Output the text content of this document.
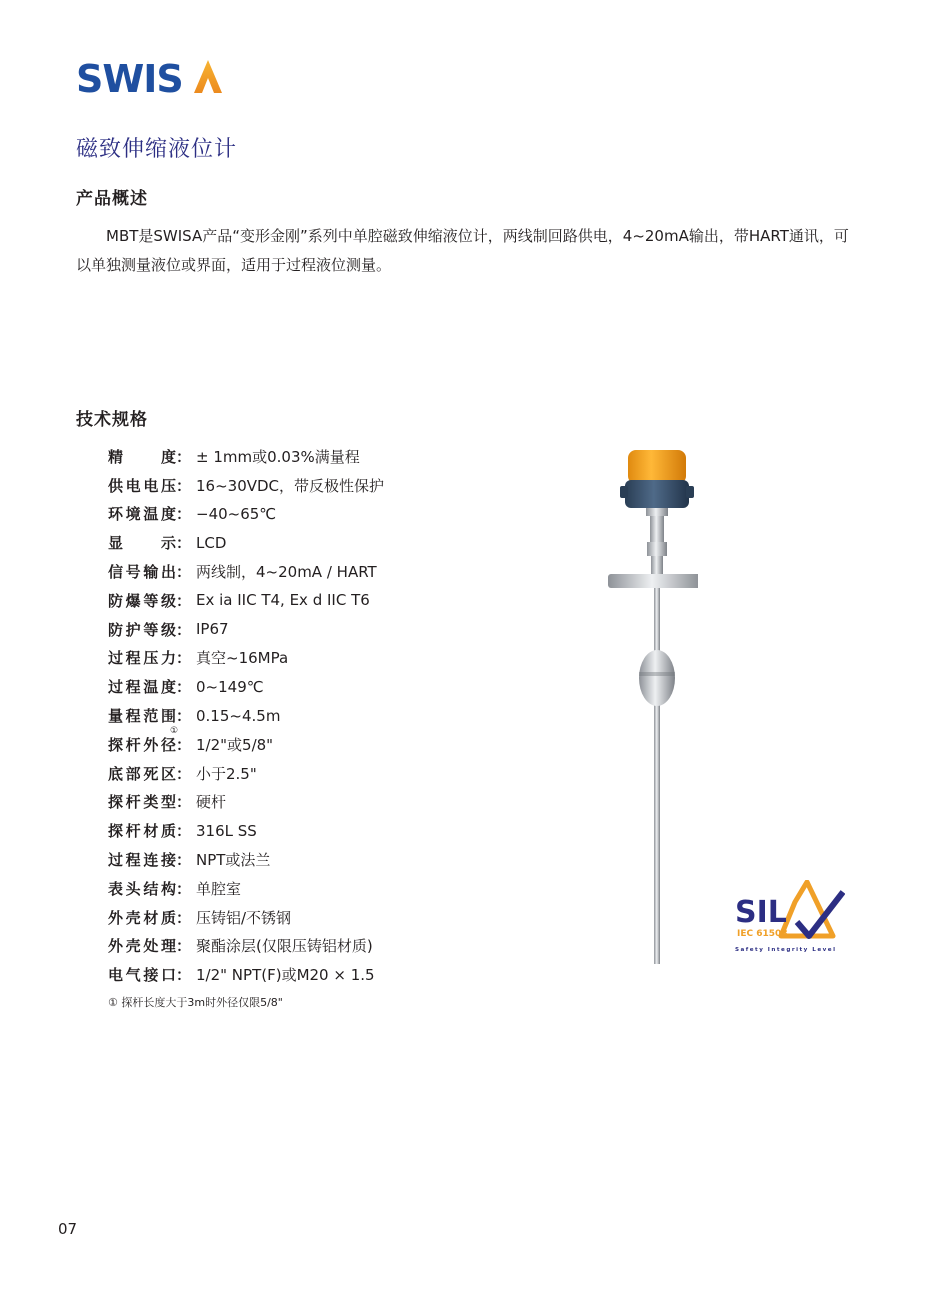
SWIS
磁致伸缩液位计
产品概述

MBT是SWISA产品“变形金刚”系列中单腔磁致伸缩液位计，两线制回路供电，4~20mA输出，带HART通讯，可以单独测量液位或界面，适用于过程液位测量。

技术规格
精度： ± 1mm或0.03%满量程
供电电压： 16~30VDC，带反极性保护
环境温度： −40~65℃
显示： LCD
信号输出： 两线制，4~20mA / HART
防爆等级： Ex ia IIC T4, Ex d IIC T6
防护等级： IP67
过程压力： 真空~16MPa
过程温度： 0~149℃
量程范围： 0.15~4.5m
探杆外径
①
： 1/2"或5/8"
底部死区： 小于2.5"
探杆类型： 硬杆
探杆材质： 316L SS
过程连接： NPT或法兰
表头结构： 单腔室
外壳材质： 压铸铝/不锈钢
外壳处理： 聚酯涂层(仅限压铸铝材质)
电气接口： 1/2" NPT(F)或M20 × 1.5
① 探杆长度大于3m时外径仅限5/8"
SIL
IEC 61508
Safety Integrity Level
07
